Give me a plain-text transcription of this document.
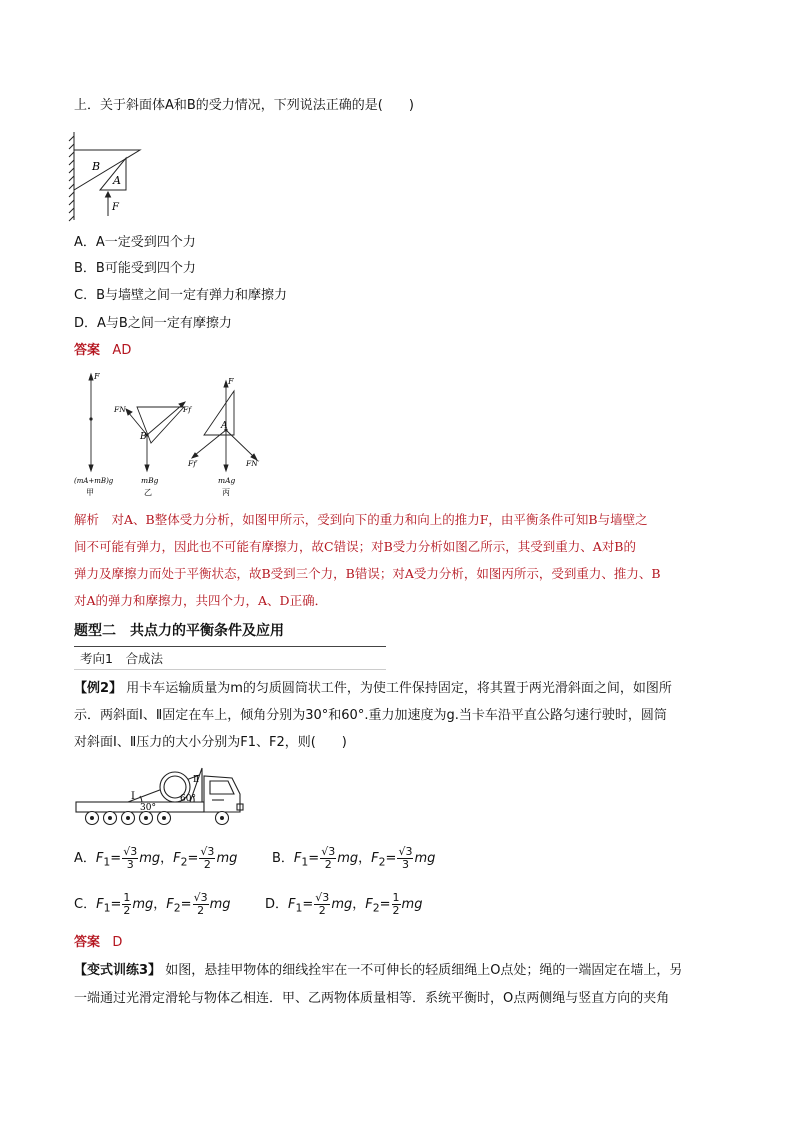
上．关于斜面体A和B的受力情况，下列说法正确的是(　　)
B
A
F
A．A一定受到四个力
B．B可能受到四个力
C．B与墙壁之间一定有弹力和摩擦力
D．A与B之间一定有摩擦力
答案 AD
F
(mA+mB)g
甲
FN	Ff
B
mBg
乙
F
A
Ff′	FN′
mAg
丙
解析　对A、B整体受力分析，如图甲所示，受到向下的重力和向上的推力F，由平衡条件可知B与墙壁之
间不可能有弹力，因此也不可能有摩擦力，故C错误；对B受力分析如图乙所示，其受到重力、A对B的
弹力及摩擦力而处于平衡状态，故B受到三个力，B错误；对A受力分析，如图丙所示，受到重力、推力、B
对A的弹力和摩擦力，共四个力，A、D正确．
题型二　共点力的平衡条件及应用
考向1　合成法
【例2】 用卡车运输质量为m的匀质圆筒状工件，为使工件保持固定，将其置于两光滑斜面之间，如图所
示．两斜面Ⅰ、Ⅱ固定在车上，倾角分别为30°和60°.重力加速度为g.当卡车沿平直公路匀速行驶时，圆筒
对斜面Ⅰ、Ⅱ压力的大小分别为F1、F2，则(　　)
Ⅰ
Ⅱ
30°
60°
A．$F_1= \frac{√3}{3}$ mg，$F_2= \frac{√3}{2}$ mg	B．$F_1= \frac{√3}{2}$ mg，$F_2= \frac{√3}{3}$ mg
C．$F_1= \frac{1}{2}$ mg，$F_2= \frac{√3}{2}$ mg	D．$F_1= \frac{√3}{2}$ mg，$F_2= \frac{1}{2}$ mg
答案 D
【变式训练3】 如图，悬挂甲物体的细线拴牢在一不可伸长的轻质细绳上O点处；绳的一端固定在墙上，另
一端通过光滑定滑轮与物体乙相连．甲、乙两物体质量相等．系统平衡时，O点两侧绳与竖直方向的夹角
